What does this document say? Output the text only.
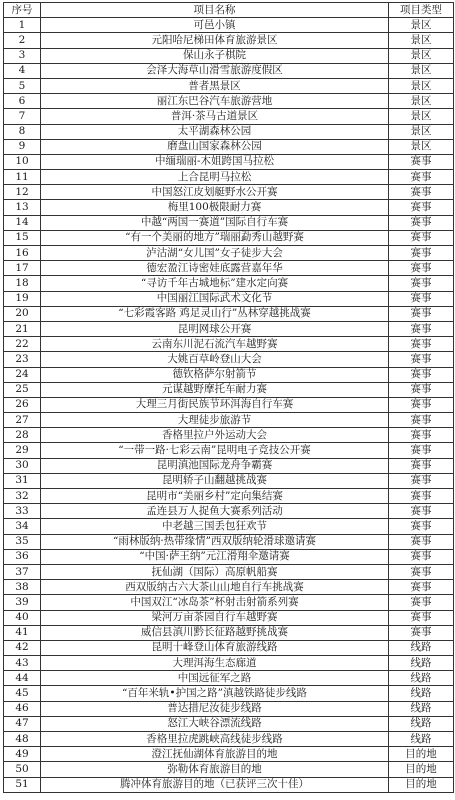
序号	项目名称	项目类型
1	可邑小镇	景区
2	元阳哈尼梯田体育旅游景区	景区
3	保山永子棋院	景区
4	会泽大海草山滑雪旅游度假区	景区
5	普者黑景区	景区
6	丽江东巴谷汽车旅游营地	景区
7	普洱·茶马古道景区	景区
8	太平湖森林公园	景区
9	磨盘山国家森林公园	景区
10	中缅瑞丽-木姐跨国马拉松	赛事
11	上合昆明马拉松	赛事
12	中国怒江皮划艇野水公开赛	赛事
13	梅里100极限耐力赛	赛事
14	中越“两国一赛道”国际自行车赛	赛事
15	“有一个美丽的地方”瑞丽勐秀山越野赛	赛事
16	泸沽湖“女儿国”女子徒步大会	赛事
17	德宏盈江诗密娃底露营嘉年华	赛事
18	“寻访千年古城地标”建水定向赛	赛事
19	中国丽江国际武术文化节	赛事
20	“七彩霞客路 鸡足灵山行”丛林穿越挑战赛	赛事
21	昆明网球公开赛	赛事
22	云南东川泥石流汽车越野赛	赛事
23	大姚百草岭登山大会	赛事
24	德钦格萨尔射箭节	赛事
25	元谋越野摩托车耐力赛	赛事
26	大理三月街民族节环洱海自行车赛	赛事
27	大理徒步旅游节	赛事
28	香格里拉户外运动大会	赛事
29	“一带一路·七彩云南”昆明电子竞技公开赛	赛事
30	昆明滇池国际龙舟争霸赛	赛事
31	昆明轿子山翻越挑战赛	赛事
32	昆明市“美丽乡村”定向集结赛	赛事
33	孟连县万人捉鱼大赛系列活动	赛事
34	中老越三国丢包狂欢节	赛事
35	“雨林版纳·热带缘情”西双版纳轮滑球邀请赛	赛事
36	“中国·萨王纳”元江滑翔伞邀请赛	赛事
37	抚仙湖（国际）高原帆船赛	赛事
38	西双版纳古六大茶山山地自行车挑战赛	赛事
39	中国双江“冰岛茶”杯射击射箭系列赛	赛事
40	梁河万亩茶园自行车越野赛	赛事
41	威信县滇川黔长征路越野挑战赛	赛事
42	昆明十峰登山体育旅游线路	线路
43	大理洱海生态廊道	线路
44	中国远征军之路	线路
45	“百年米轨•护国之路”滇越铁路徒步线路	线路
46	普达措尼汝徒步线路	线路
47	怒江大峡谷漂流线路	线路
48	香格里拉虎跳峡高线徒步线路	线路
49	澄江抚仙湖体育旅游目的地	目的地
50	弥勒体育旅游目的地	目的地
51	腾冲体育旅游目的地（已获评三次十佳）	目的地
